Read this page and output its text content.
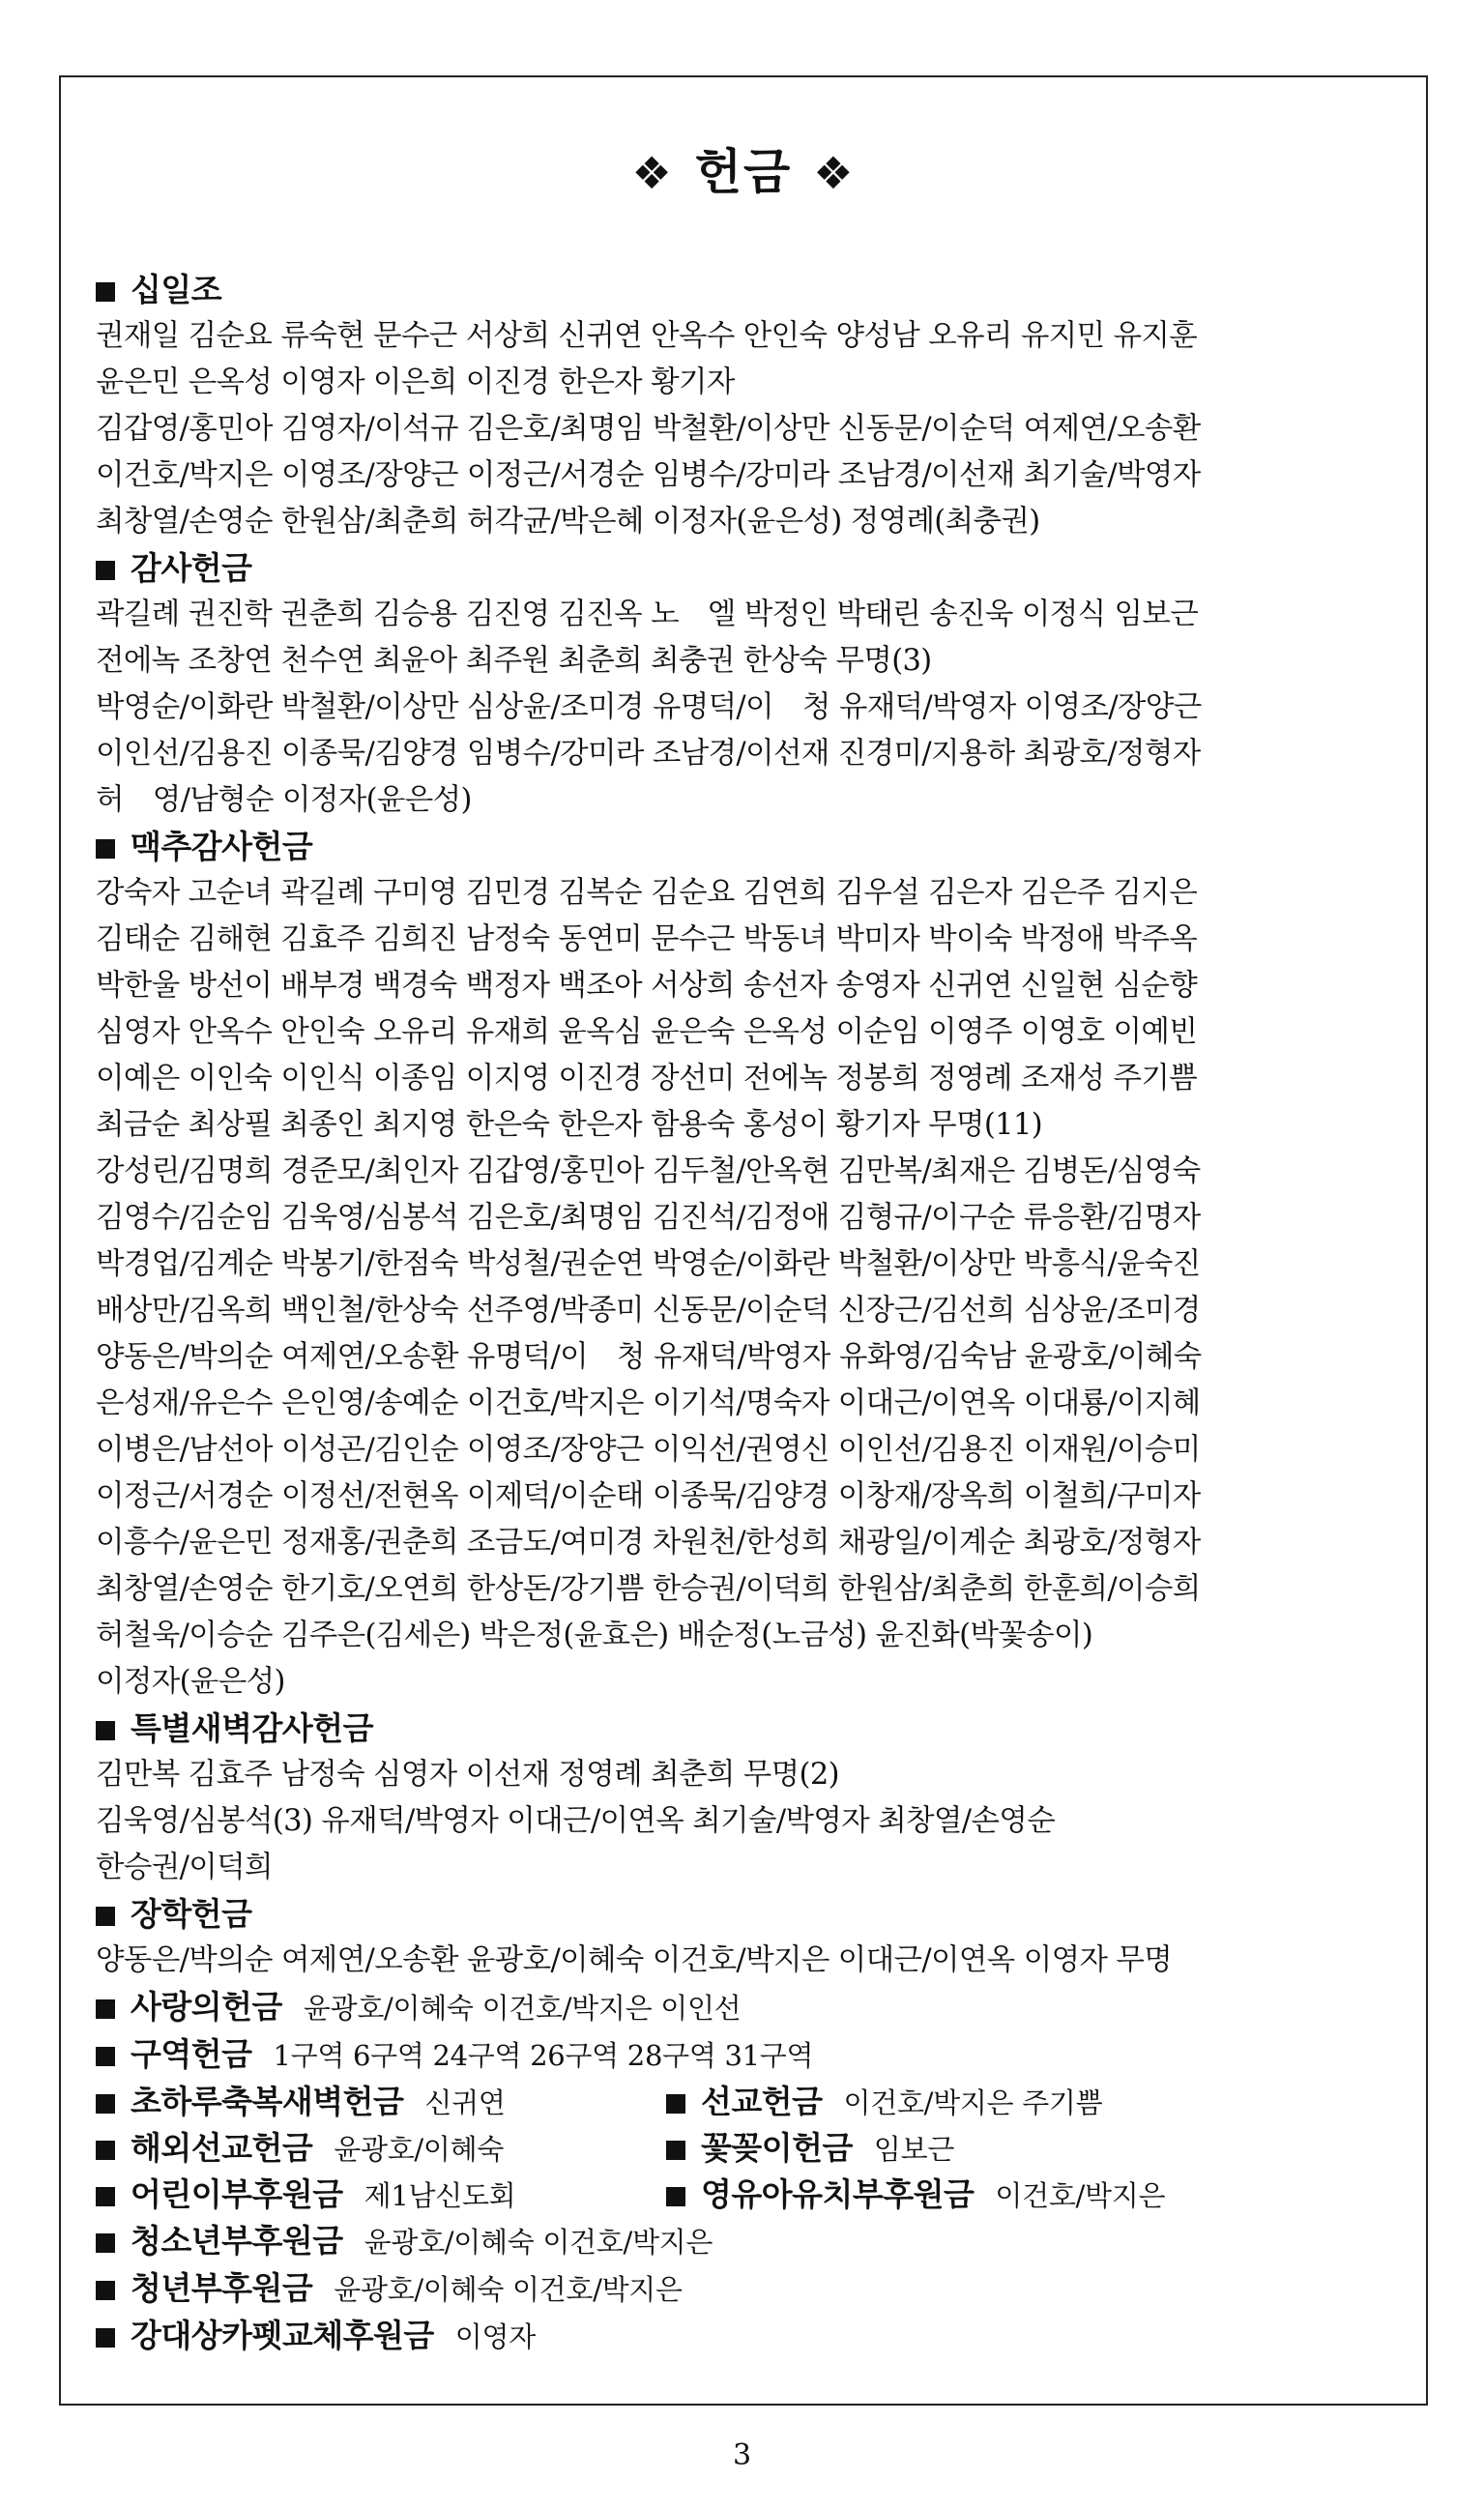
❖ 헌금 ❖
십일조
권재일 김순요 류숙현 문수근 서상희 신귀연 안옥수 안인숙 양성남 오유리 유지민 유지훈
윤은민 은옥성 이영자 이은희 이진경 한은자 황기자
김갑영/홍민아 김영자/이석규 김은호/최명임 박철환/이상만 신동문/이순덕 여제연/오송환
이건호/박지은 이영조/장양근 이정근/서경순 임병수/강미라 조남경/이선재 최기술/박영자
최창열/손영순 한원삼/최춘희 허각균/박은혜 이정자(윤은성) 정영례(최충권)
감사헌금
곽길례 권진학 권춘희 김승용 김진영 김진옥 노　엘 박정인 박태린 송진욱 이정식 임보근
전에녹 조창연 천수연 최윤아 최주원 최춘희 최충권 한상숙 무명(3)
박영순/이화란 박철환/이상만 심상윤/조미경 유명덕/이　청 유재덕/박영자 이영조/장양근
이인선/김용진 이종묵/김양경 임병수/강미라 조남경/이선재 진경미/지용하 최광호/정형자
허　영/남형순 이정자(윤은성)
맥추감사헌금
강숙자 고순녀 곽길례 구미영 김민경 김복순 김순요 김연희 김우설 김은자 김은주 김지은
김태순 김해현 김효주 김희진 남정숙 동연미 문수근 박동녀 박미자 박이숙 박정애 박주옥
박한울 방선이 배부경 백경숙 백정자 백조아 서상희 송선자 송영자 신귀연 신일현 심순향
심영자 안옥수 안인숙 오유리 유재희 윤옥심 윤은숙 은옥성 이순임 이영주 이영호 이예빈
이예은 이인숙 이인식 이종임 이지영 이진경 장선미 전에녹 정봉희 정영례 조재성 주기쁨
최금순 최상필 최종인 최지영 한은숙 한은자 함용숙 홍성이 황기자 무명(11)
강성린/김명희 경준모/최인자 김갑영/홍민아 김두철/안옥현 김만복/최재은 김병돈/심영숙
김영수/김순임 김욱영/심봉석 김은호/최명임 김진석/김정애 김형규/이구순 류응환/김명자
박경업/김계순 박봉기/한점숙 박성철/권순연 박영순/이화란 박철환/이상만 박흥식/윤숙진
배상만/김옥희 백인철/한상숙 선주영/박종미 신동문/이순덕 신장근/김선희 심상윤/조미경
양동은/박의순 여제연/오송환 유명덕/이　청 유재덕/박영자 유화영/김숙남 윤광호/이혜숙
은성재/유은수 은인영/송예순 이건호/박지은 이기석/명숙자 이대근/이연옥 이대룡/이지혜
이병은/남선아 이성곤/김인순 이영조/장양근 이익선/권영신 이인선/김용진 이재원/이승미
이정근/서경순 이정선/전현옥 이제덕/이순태 이종묵/김양경 이창재/장옥희 이철희/구미자
이흥수/윤은민 정재홍/권춘희 조금도/여미경 차원천/한성희 채광일/이계순 최광호/정형자
최창열/손영순 한기호/오연희 한상돈/강기쁨 한승권/이덕희 한원삼/최춘희 한훈희/이승희
허철욱/이승순 김주은(김세은) 박은정(윤효은) 배순정(노금성) 윤진화(박꽃송이)
이정자(윤은성)
특별새벽감사헌금
김만복 김효주 남정숙 심영자 이선재 정영례 최춘희 무명(2)
김욱영/심봉석(3) 유재덕/박영자 이대근/이연옥 최기술/박영자 최창열/손영순
한승권/이덕희
장학헌금
양동은/박의순 여제연/오송환 윤광호/이혜숙 이건호/박지은 이대근/이연옥 이영자 무명
사랑의헌금 윤광호/이혜숙 이건호/박지은 이인선
구역헌금 1구역 6구역 24구역 26구역 28구역 31구역
초하루축복새벽헌금 신귀연	선교헌금 이건호/박지은 주기쁨
해외선교헌금 윤광호/이혜숙	꽃꽂이헌금 임보근
어린이부후원금 제1남신도회	영유아유치부후원금 이건호/박지은
청소년부후원금 윤광호/이혜숙 이건호/박지은
청년부후원금 윤광호/이혜숙 이건호/박지은
강대상카펫교체후원금 이영자
3
